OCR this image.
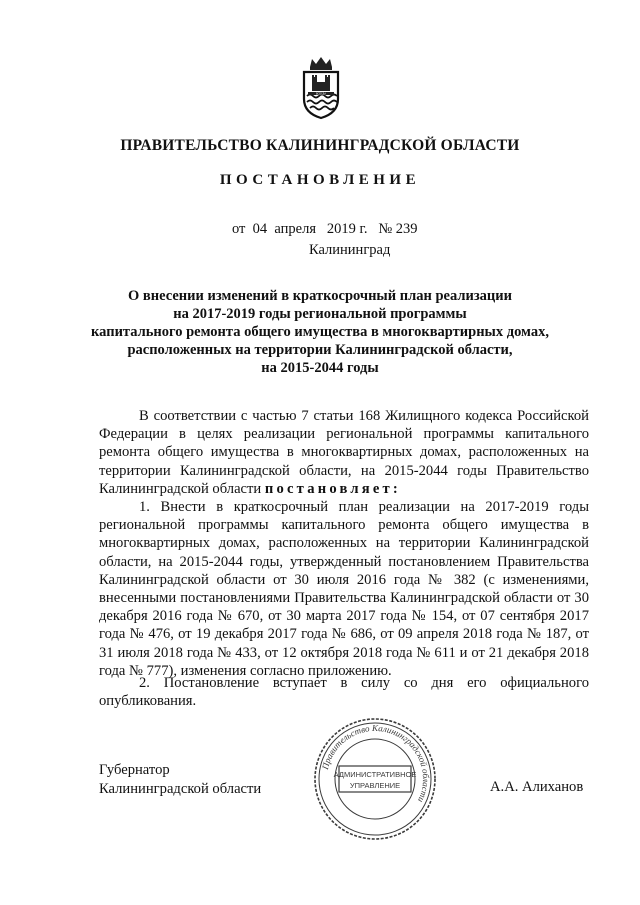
ВСЕГДА
ПРАВИТЕЛЬСТВО КАЛИНИНГРАДСКОЙ ОБЛАСТИ
ПОСТАНОВЛЕНИЕ
от 04 апреля 2019 г. № 239
Калининград
О внесении изменений в краткосрочный план реализации
на 2017-2019 годы региональной программы
капитального ремонта общего имущества в многоквартирных домах,
расположенных на территории Калининградской области,
на 2015-2044 годы
В соответствии с частью 7 статьи 168 Жилищного кодекса Российской Федерации в целях реализации региональной программы капитального ремонта общего имущества в многоквартирных домах, расположенных на территории Калининградской области, на 2015-2044 годы Правительство Калининградской области постановляет:
1. Внести в краткосрочный план реализации на 2017-2019 годы региональной программы капитального ремонта общего имущества в многоквартирных домах, расположенных на территории Калининградской области, на 2015-2044 годы, утвержденный постановлением Правительства Калининградской области от 30 июля 2016 года № 382 (с изменениями, внесенными постановлениями Правительства Калининградской области от 30 декабря 2016 года № 670, от 30 марта 2017 года № 154, от 07 сентября 2017 года № 476, от 19 декабря 2017 года № 686, от 09 апреля 2018 года № 187, от 31 июля 2018 года № 433, от 12 октября 2018 года № 611 и от 21 декабря 2018 года № 777), изменения согласно приложению.
2. Постановление вступает в силу со дня его официального опубликования.
Губернатор
Калининградской области	А.А. Алиханов
Правительство Калининградской области
АДМИНИСТРАТИВНОЕ
УПРАВЛЕНИЕ
